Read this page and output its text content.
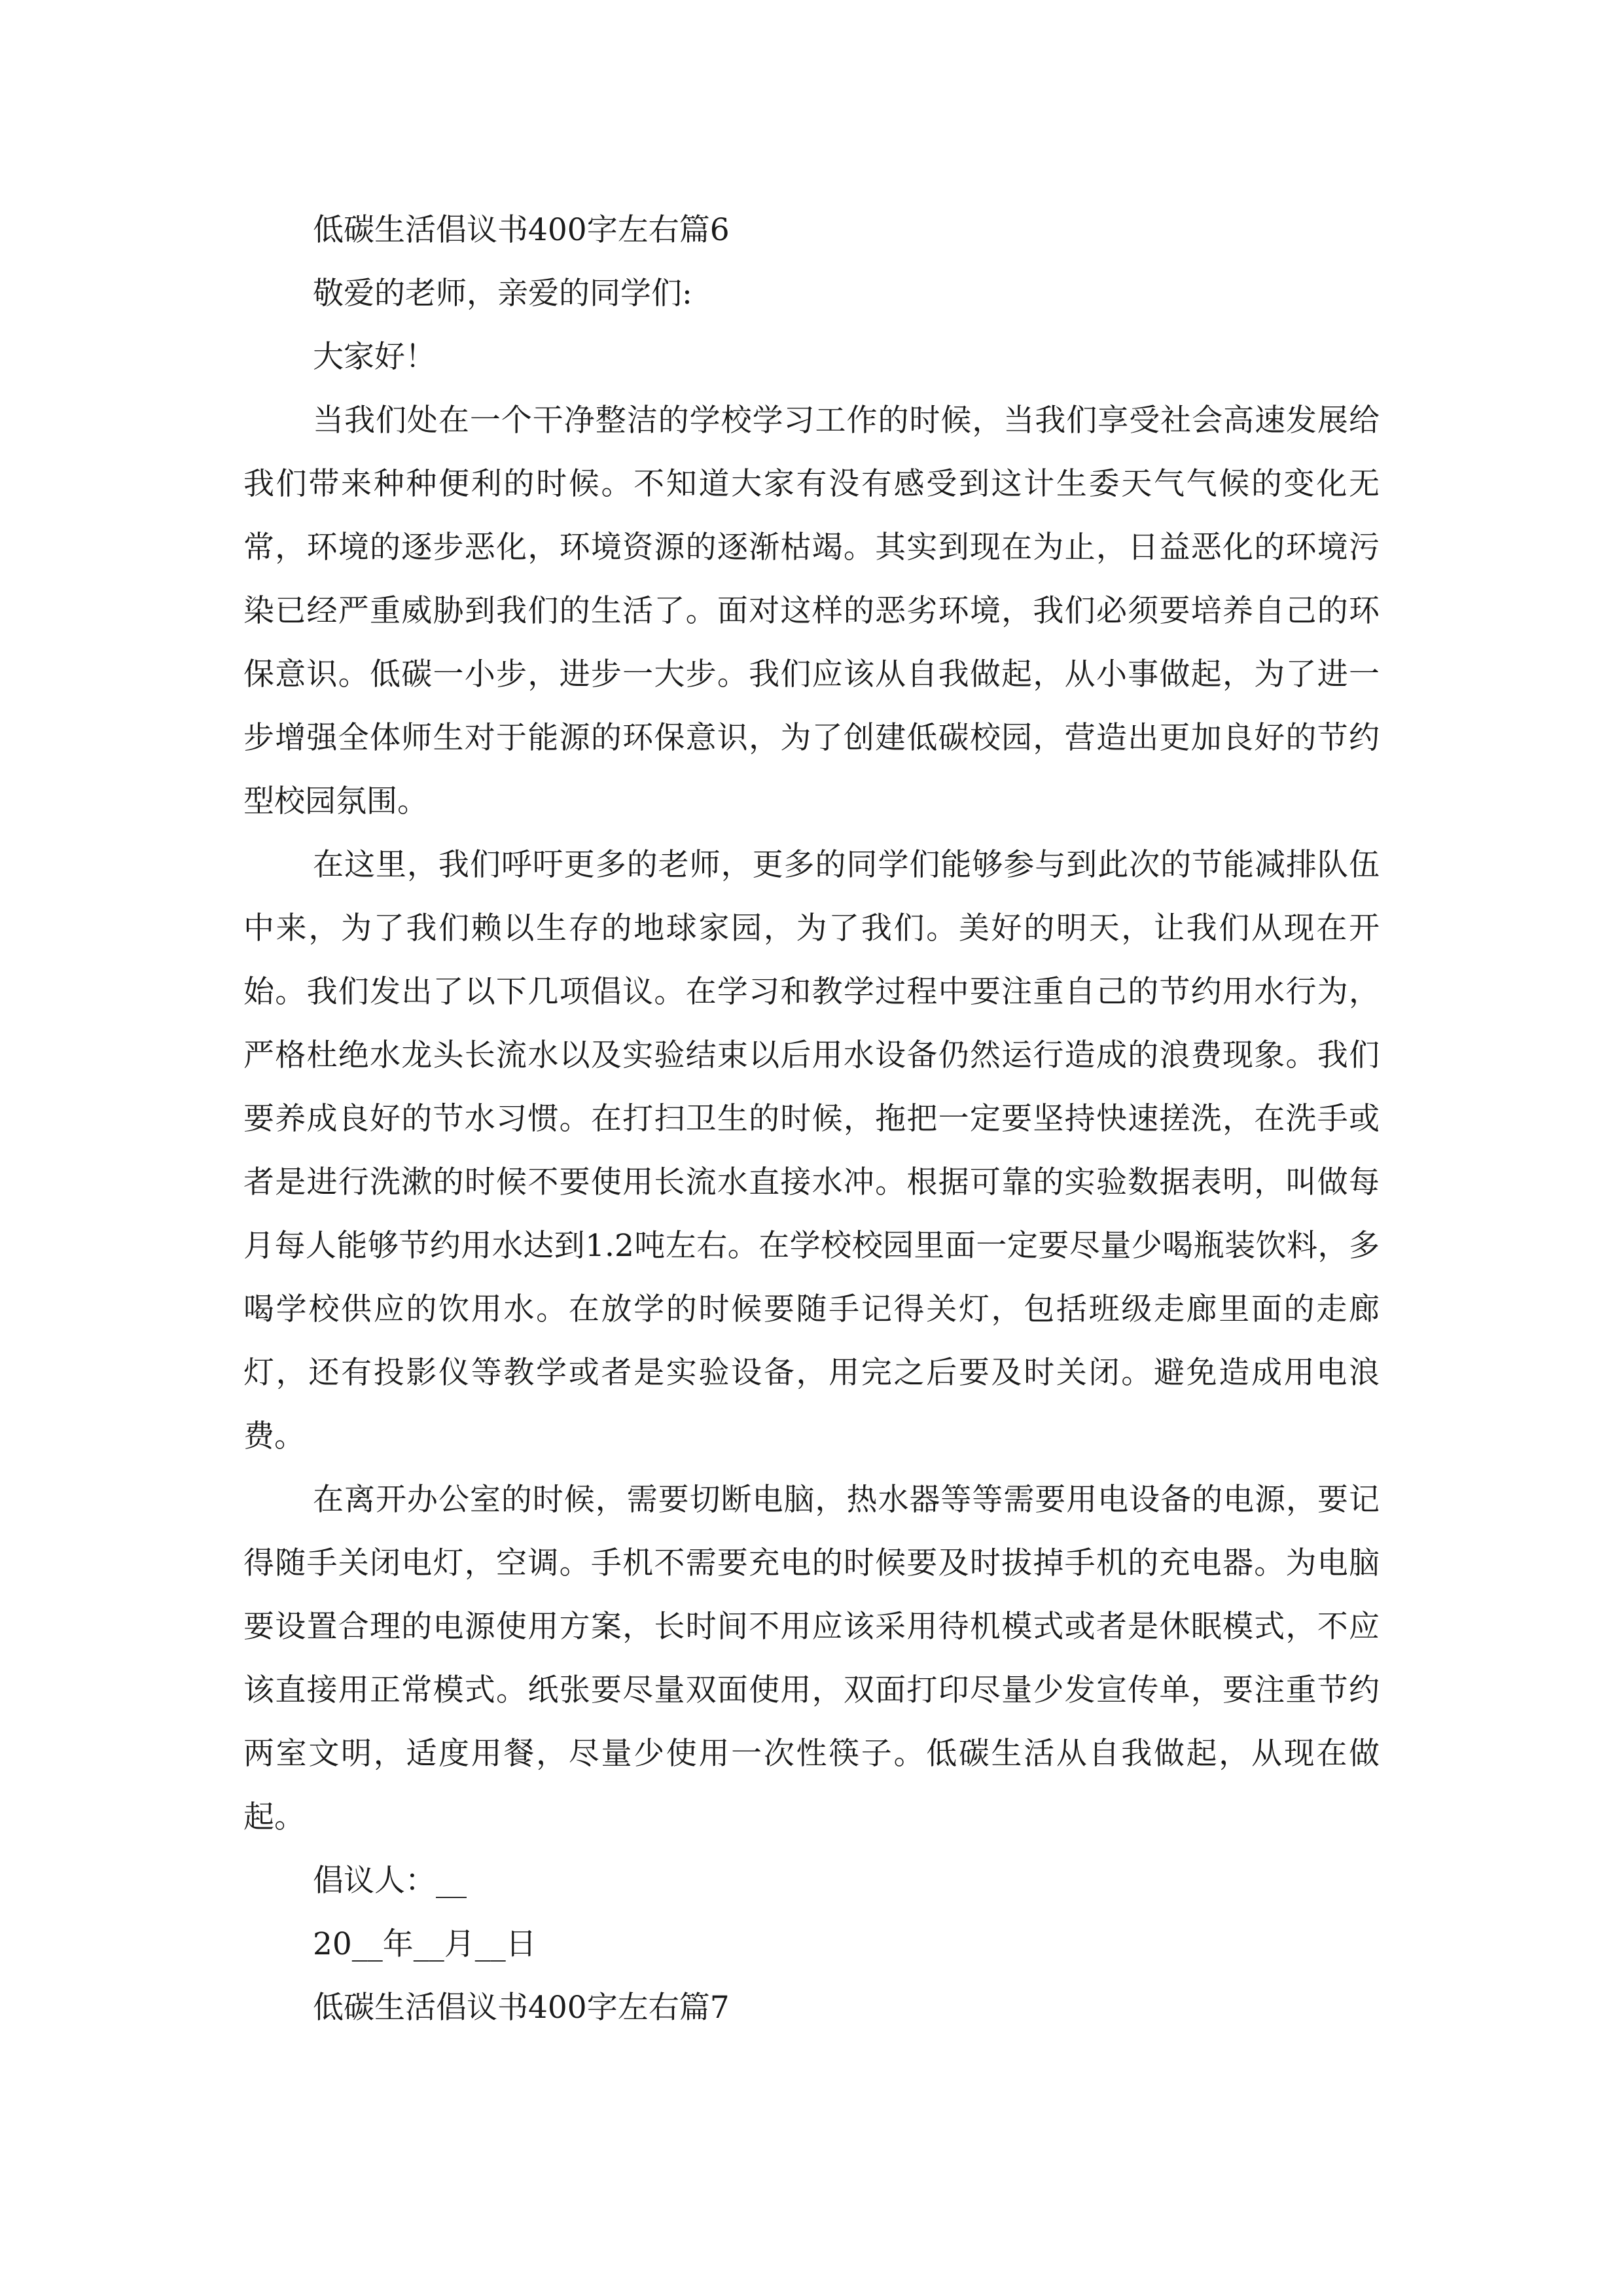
低碳生活倡议书400字左右篇6

敬爱的老师，亲爱的同学们:

大家好！

当我们处在一个干净整洁的学校学习工作的时候，当我们享受社会高速发展给我们带来种种便利的时候。不知道大家有没有感受到这计生委天气气候的变化无常，环境的逐步恶化，环境资源的逐渐枯竭。其实到现在为止，日益恶化的环境污染已经严重威胁到我们的生活了。面对这样的恶劣环境，我们必须要培养自己的环保意识。低碳一小步，进步一大步。我们应该从自我做起，从小事做起，为了进一步增强全体师生对于能源的环保意识，为了创建低碳校园，营造出更加良好的节约型校园氛围。

在这里，我们呼吁更多的老师，更多的同学们能够参与到此次的节能减排队伍中来，为了我们赖以生存的地球家园，为了我们。美好的明天，让我们从现在开始。我们发出了以下几项倡议。在学习和教学过程中要注重自己的节约用水行为，严格杜绝水龙头长流水以及实验结束以后用水设备仍然运行造成的浪费现象。我们要养成良好的节水习惯。在打扫卫生的时候，拖把一定要坚持快速搓洗，在洗手或者是进行洗漱的时候不要使用长流水直接水冲。根据可靠的实验数据表明，叫做每月每人能够节约用水达到1.2吨左右。在学校校园里面一定要尽量少喝瓶装饮料，多喝学校供应的饮用水。在放学的时候要随手记得关灯，包括班级走廊里面的走廊灯，还有投影仪等教学或者是实验设备，用完之后要及时关闭。避免造成用电浪费。

在离开办公室的时候，需要切断电脑，热水器等等需要用电设备的电源，要记得随手关闭电灯，空调。手机不需要充电的时候要及时拔掉手机的充电器。为电脑要设置合理的电源使用方案，长时间不用应该采用待机模式或者是休眠模式，不应该直接用正常模式。纸张要尽量双面使用，双面打印尽量少发宣传单，要注重节约两室文明，适度用餐，尽量少使用一次性筷子。低碳生活从自我做起，从现在做起。

倡议人：__

20__年__月__日

低碳生活倡议书400字左右篇7
